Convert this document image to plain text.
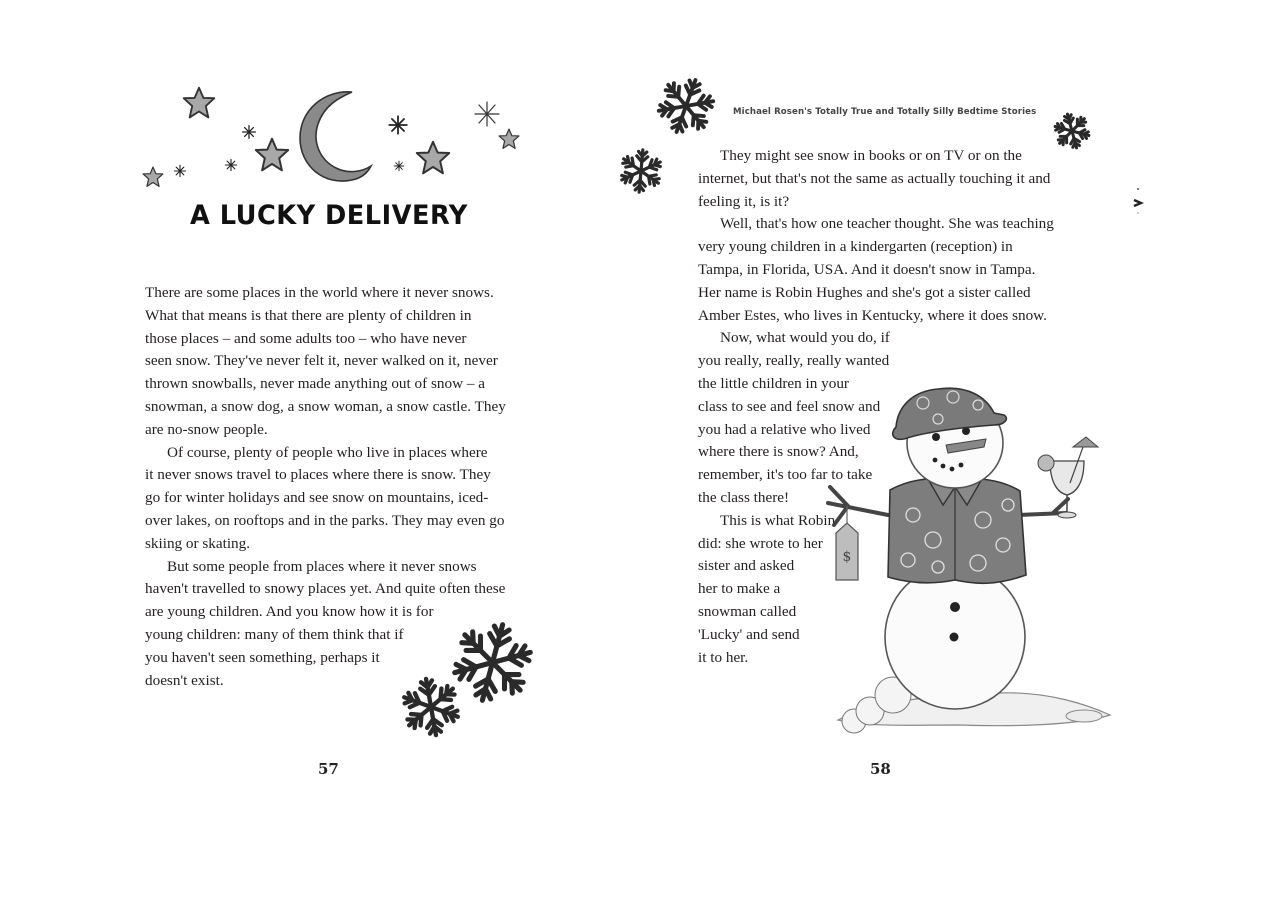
A LUCKY DELIVERY

There are some places in the world where it never snows.
What that means is that there are plenty of children in
those places – and some adults too – who have never
seen snow. They've never felt it, never walked on it, never
thrown snowballs, never made anything out of snow – a
snowman, a snow dog, a snow woman, a snow castle. They
are no-snow people.

Of course, plenty of people who live in places where
it never snows travel to places where there is snow. They
go for winter holidays and see snow on mountains, iced-
over lakes, on rooftops and in the parks. They may even go
skiing or skating.

But some people from places where it never snows
haven't travelled to snowy places yet. And quite often these
are young children. And you know how it is for
young children: many of them think that if
you haven't seen something, perhaps it
doesn't exist.

57
Michael Rosen's Totally True and Totally Silly Bedtime Stories

They might see snow in books or on TV or on the
internet, but that's not the same as actually touching it and
feeling it, is it?

Well, that's how one teacher thought. She was teaching
very young children in a kindergarten (reception) in
Tampa, in Florida, USA. And it doesn't snow in Tampa.
Her name is Robin Hughes and she's got a sister called
Amber Estes, who lives in Kentucky, where it does snow.

Now, what would you do, if
you really, really, really wanted
the little children in your
class to see and feel snow and
you had a relative who lived
where there is snow? And,
remember, it's too far to take
the class there!

This is what Robin
did: she wrote to her
sister and asked
her to make a
snowman called
'Lucky' and send
it to her.

$
58
